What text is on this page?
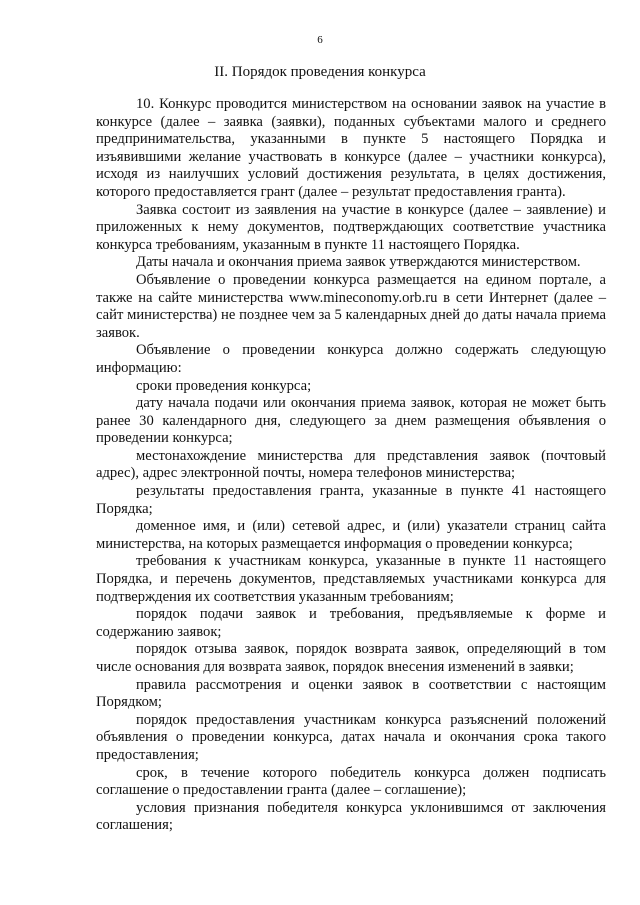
6
II. Порядок проведения конкурса

10. Конкурс проводится министерством на основании заявок на участие в конкурсе (далее – заявка (заявки), поданных субъектами малого и среднего предпринимательства, указанными в пункте 5 настоящего Порядка и изъявившими желание участвовать в конкурсе (далее – участники конкурса), исходя из наилучших условий достижения результата, в целях достижения, которого предоставляется грант (далее – результат предоставления гранта).

Заявка состоит из заявления на участие в конкурсе (далее – заявление) и приложенных к нему документов, подтверждающих соответствие участника конкурса требованиям, указанным в пункте 11 настоящего Порядка.

Даты начала и окончания приема заявок утверждаются министерством.

Объявление о проведении конкурса размещается на едином портале, а также на сайте министерства www.mineconomy.orb.ru в сети Интернет (далее – сайт министерства) не позднее чем за 5 календарных дней до даты начала приема заявок.

Объявление о проведении конкурса должно содержать следующую информацию:

сроки проведения конкурса;

дату начала подачи или окончания приема заявок, которая не может быть ранее 30 календарного дня, следующего за днем размещения объявления о проведении конкурса;

местонахождение министерства для представления заявок (почтовый адрес), адрес электронной почты, номера телефонов министерства;

результаты предоставления гранта, указанные в пункте 41 настоящего Порядка;

доменное имя, и (или) сетевой адрес, и (или) указатели страниц сайта министерства, на которых размещается информация о проведении конкурса;

требования к участникам конкурса, указанные в пункте 11 настоящего Порядка, и перечень документов, представляемых участниками конкурса для подтверждения их соответствия указанным требованиям;

порядок подачи заявок и требования, предъявляемые к форме и содержанию заявок;

порядок отзыва заявок, порядок возврата заявок, определяющий в том числе основания для возврата заявок, порядок внесения изменений в заявки;

правила рассмотрения и оценки заявок в соответствии с настоящим Порядком;

порядок предоставления участникам конкурса разъяснений положений объявления о проведении конкурса, датах начала и окончания срока такого предоставления;

срок, в течение которого победитель конкурса должен подписать соглашение о предоставлении гранта (далее – соглашение);

условия признания победителя конкурса уклонившимся от заключения соглашения;
